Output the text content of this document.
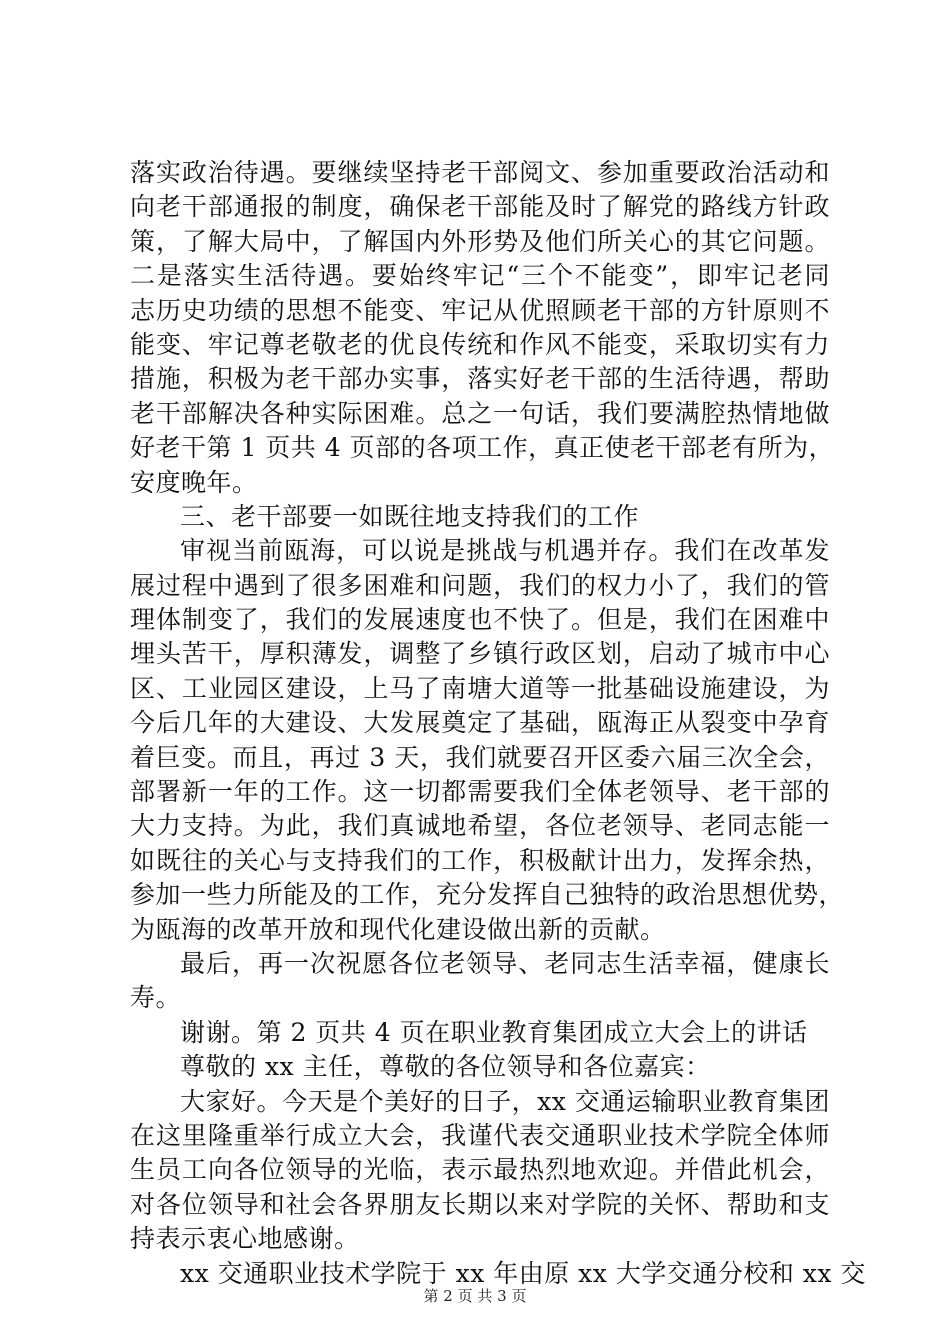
落实政治待遇。要继续坚持老干部阅文、参加重要政治活动和
向老干部通报的制度，确保老干部能及时了解党的路线方针政
策，了解大局中，了解国内外形势及他们所关心的其它问题。
二是落实生活待遇。要始终牢记“三个不能变”，即牢记老同
志历史功绩的思想不能变、牢记从优照顾老干部的方针原则不
能变、牢记尊老敬老的优良传统和作风不能变，采取切实有力
措施，积极为老干部办实事，落实好老干部的生活待遇，帮助
老干部解决各种实际困难。总之一句话，我们要满腔热情地做
好老干第 1 页共 4 页部的各项工作，真正使老干部老有所为，
安度晚年。
三、老干部要一如既往地支持我们的工作
审视当前瓯海，可以说是挑战与机遇并存。我们在改革发
展过程中遇到了很多困难和问题，我们的权力小了，我们的管
理体制变了，我们的发展速度也不快了。但是，我们在困难中
埋头苦干，厚积薄发，调整了乡镇行政区划，启动了城市中心
区、工业园区建设，上马了南塘大道等一批基础设施建设，为
今后几年的大建设、大发展奠定了基础，瓯海正从裂变中孕育
着巨变。而且，再过 3 天，我们就要召开区委六届三次全会，
部署新一年的工作。这一切都需要我们全体老领导、老干部的
大力支持。为此，我们真诚地希望，各位老领导、老同志能一
如既往的关心与支持我们的工作，积极献计出力，发挥余热，
参加一些力所能及的工作，充分发挥自己独特的政治思想优势，
为瓯海的改革开放和现代化建设做出新的贡献。
最后，再一次祝愿各位老领导、老同志生活幸福，健康长
寿。
谢谢。第 2 页共 4 页在职业教育集团成立大会上的讲话
尊敬的 xx 主任，尊敬的各位领导和各位嘉宾：
大家好。今天是个美好的日子，xx 交通运输职业教育集团
在这里隆重举行成立大会，我谨代表交通职业技术学院全体师
生员工向各位领导的光临，表示最热烈地欢迎。并借此机会，
对各位领导和社会各界朋友长期以来对学院的关怀、帮助和支
持表示衷心地感谢。
xx 交通职业技术学院于 xx 年由原 xx 大学交通分校和 xx 交
第 2 页 共 3 页
